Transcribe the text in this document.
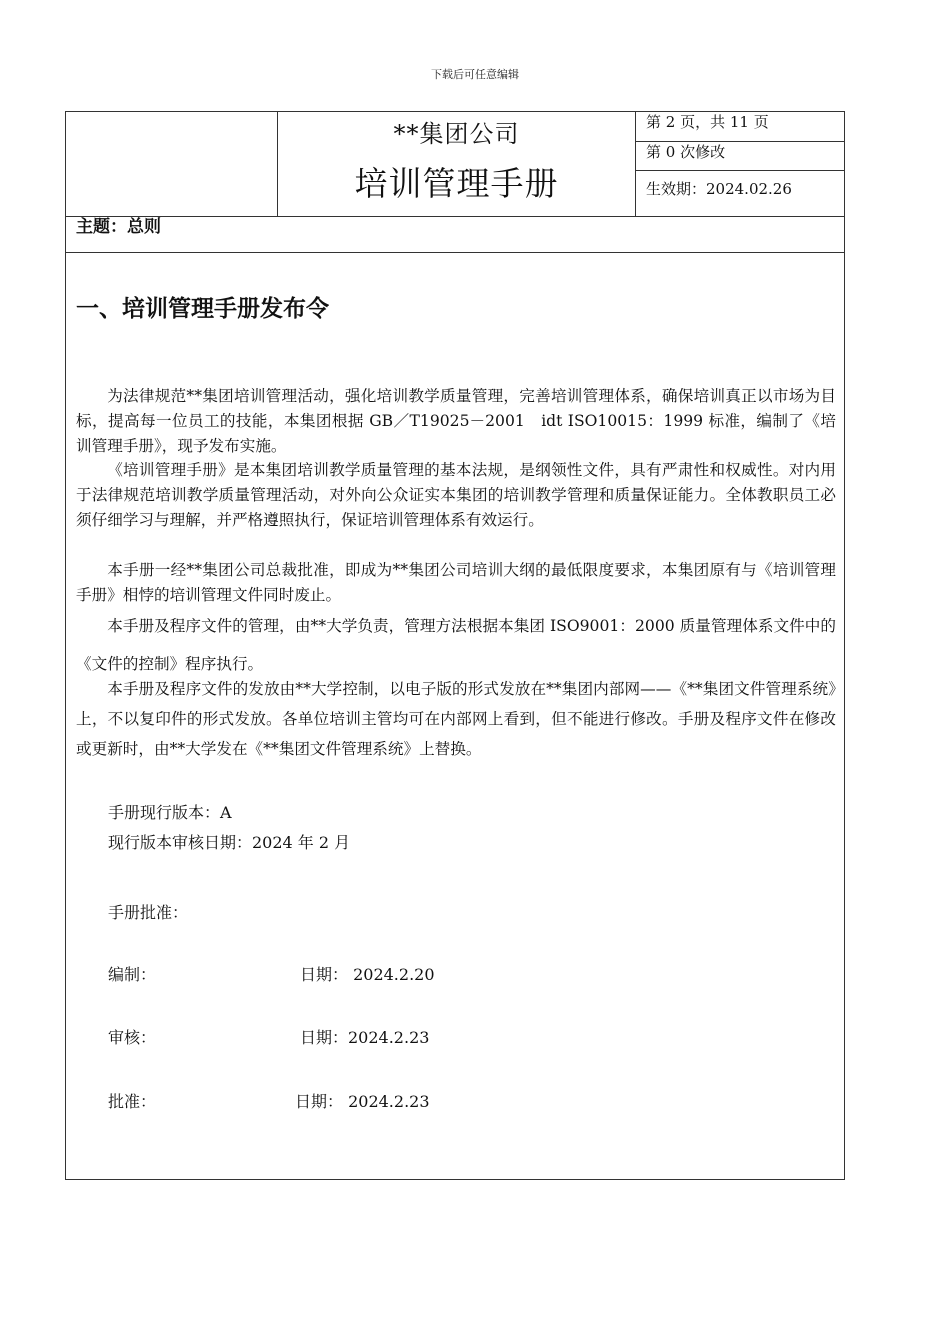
下载后可任意编辑
**集团公司
培训管理手册
第 2 页，共 11 页
第 0 次修改
生效期：2024.02.26
主题：总则
一、培训管理手册发布令

为法律规范**集团培训管理活动，强化培训教学质量管理，完善培训管理体系，确保培训真正以市场为目标，提高每一位员工的技能，本集团根据 GB／T19025－2001　idt ISO10015：1999 标准，编制了《培训管理手册》，现予发布实施。

《培训管理手册》是本集团培训教学质量管理的基本法规，是纲领性文件，具有严肃性和权威性。对内用于法律规范培训教学质量管理活动，对外向公众证实本集团的培训教学管理和质量保证能力。全体教职员工必须仔细学习与理解，并严格遵照执行，保证培训管理体系有效运行。

本手册一经**集团公司总裁批准，即成为**集团公司培训大纲的最低限度要求，本集团原有与《培训管理手册》相悖的培训管理文件同时废止。

本手册及程序文件的管理，由**大学负责，管理方法根据本集团 ISO9001：2000 质量管理体系文件中的《文件的控制》程序执行。

本手册及程序文件的发放由**大学控制，以电子版的形式发放在**集团内部网——《**集团文件管理系统》上，不以复印件的形式发放。各单位培训主管均可在内部网上看到，但不能进行修改。手册及程序文件在修改或更新时，由**大学发在《**集团文件管理系统》上替换。

手册现行版本：A
现行版本审核日期：2024 年 2 月
手册批准：
编制：	日期： 2024.2.20
审核：	日期：2024.2.23
批准：	日期： 2024.2.23
